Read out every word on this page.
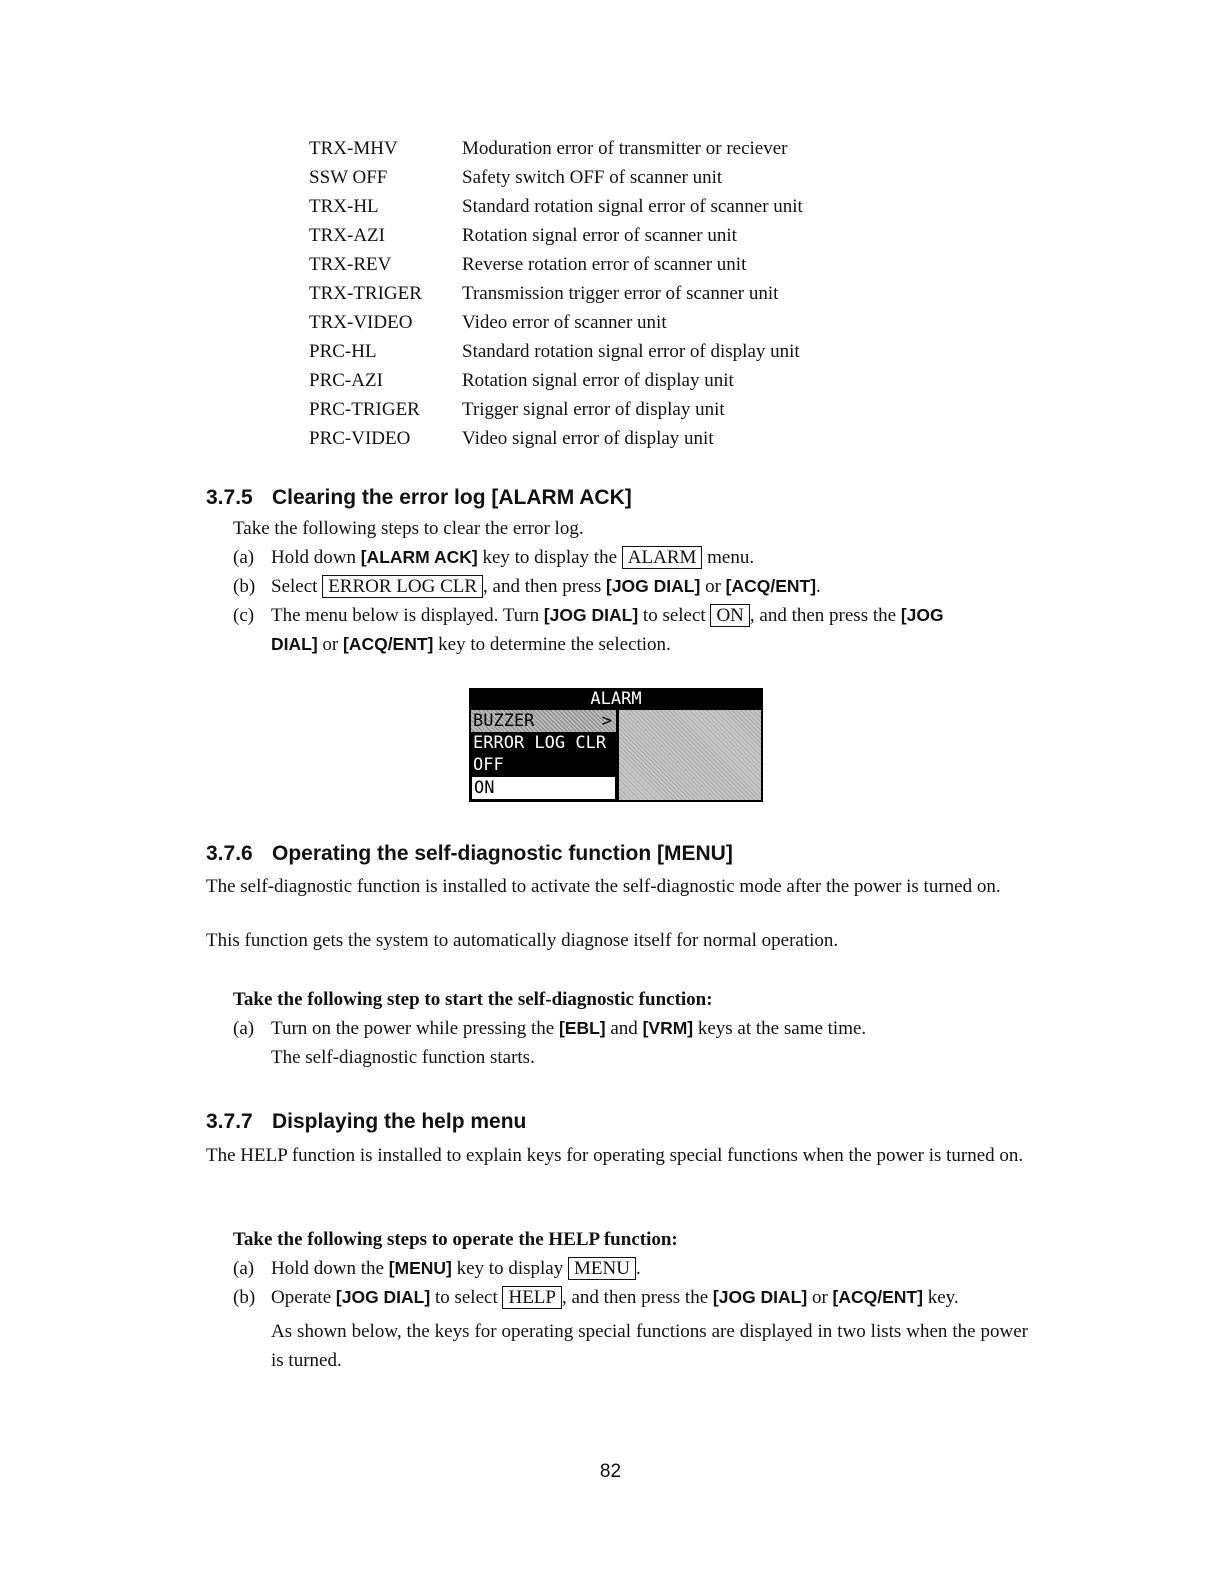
TRX-MHV	Moduration error of transmitter or reciever
SSW OFF	Safety switch OFF of scanner unit
TRX-HL	Standard rotation signal error of scanner unit
TRX-AZI	Rotation signal error of scanner unit
TRX-REV	Reverse rotation error of scanner unit
TRX-TRIGER	Transmission trigger error of scanner unit
TRX-VIDEO	Video error of scanner unit
PRC-HL	Standard rotation signal error of display unit
PRC-AZI	Rotation signal error of display unit
PRC-TRIGER	Trigger signal error of display unit
PRC-VIDEO	Video signal error of display unit
3.7.5 Clearing the error log [ALARM ACK]
Take the following steps to clear the error log.
(a) Hold down [ALARM ACK] key to display the ALARM menu.
(b) Select ERROR LOG CLR , and then press [JOG DIAL] or [ACQ/ENT].
(c) The menu below is displayed. Turn [JOG DIAL] to select ON , and then press the [JOG
DIAL] or [ACQ/ENT] key to determine the selection.
ALARM
BUZZER	>
ERROR LOG CLR
OFF
ON
3.7.6 Operating the self-diagnostic function [MENU]
The self-diagnostic function is installed to activate the self-diagnostic mode after the power is turned on.
This function gets the system to automatically diagnose itself for normal operation.
Take the following step to start the self-diagnostic function:
(a) Turn on the power while pressing the [EBL] and [VRM] keys at the same time.
The self-diagnostic function starts.
3.7.7 Displaying the help menu
The HELP function is installed to explain keys for operating special functions when the power is turned on.
Take the following steps to operate the HELP function:
(a) Hold down the [MENU] key to display MENU .
(b) Operate [JOG DIAL] to select HELP , and then press the [JOG DIAL] or [ACQ/ENT] key.
As shown below, the keys for operating special functions are displayed in two lists when the power is turned.
82
